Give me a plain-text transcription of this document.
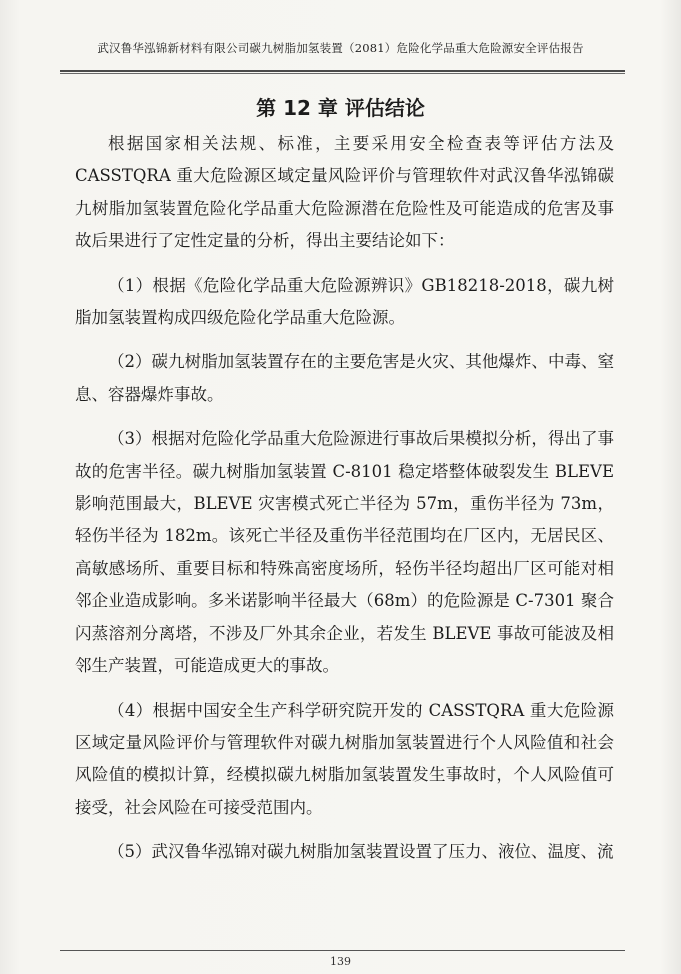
武汉鲁华泓锦新材料有限公司碳九树脂加氢装置（2081）危险化学品重大危险源安全评估报告
第 12 章 评估结论

根据国家相关法规、标准，主要采用安全检查表等评估方法及 CASSTQRA 重大危险源区域定量风险评价与管理软件对武汉鲁华泓锦碳九树脂加氢装置危险化学品重大危险源潜在危险性及可能造成的危害及事故后果进行了定性定量的分析，得出主要结论如下：

（1）根据《危险化学品重大危险源辨识》GB18218-2018，碳九树脂加氢装置构成四级危险化学品重大危险源。

（2）碳九树脂加氢装置存在的主要危害是火灾、其他爆炸、中毒、窒息、容器爆炸事故。

（3）根据对危险化学品重大危险源进行事故后果模拟分析，得出了事故的危害半径。碳九树脂加氢装置 C-8101 稳定塔整体破裂发生 BLEVE 影响范围最大，BLEVE 灾害模式死亡半径为 57m，重伤半径为 73m，轻伤半径为 182m。该死亡半径及重伤半径范围均在厂区内，无居民区、高敏感场所、重要目标和特殊高密度场所，轻伤半径均超出厂区可能对相邻企业造成影响。多米诺影响半径最大（68m）的危险源是 C-7301 聚合闪蒸溶剂分离塔，不涉及厂外其余企业，若发生 BLEVE 事故可能波及相邻生产装置，可能造成更大的事故。

（4）根据中国安全生产科学研究院开发的 CASSTQRA 重大危险源区域定量风险评价与管理软件对碳九树脂加氢装置进行个人风险值和社会风险值的模拟计算，经模拟碳九树脂加氢装置发生事故时，个人风险值可接受，社会风险在可接受范围内。

（5）武汉鲁华泓锦对碳九树脂加氢装置设置了压力、液位、温度、流

139
